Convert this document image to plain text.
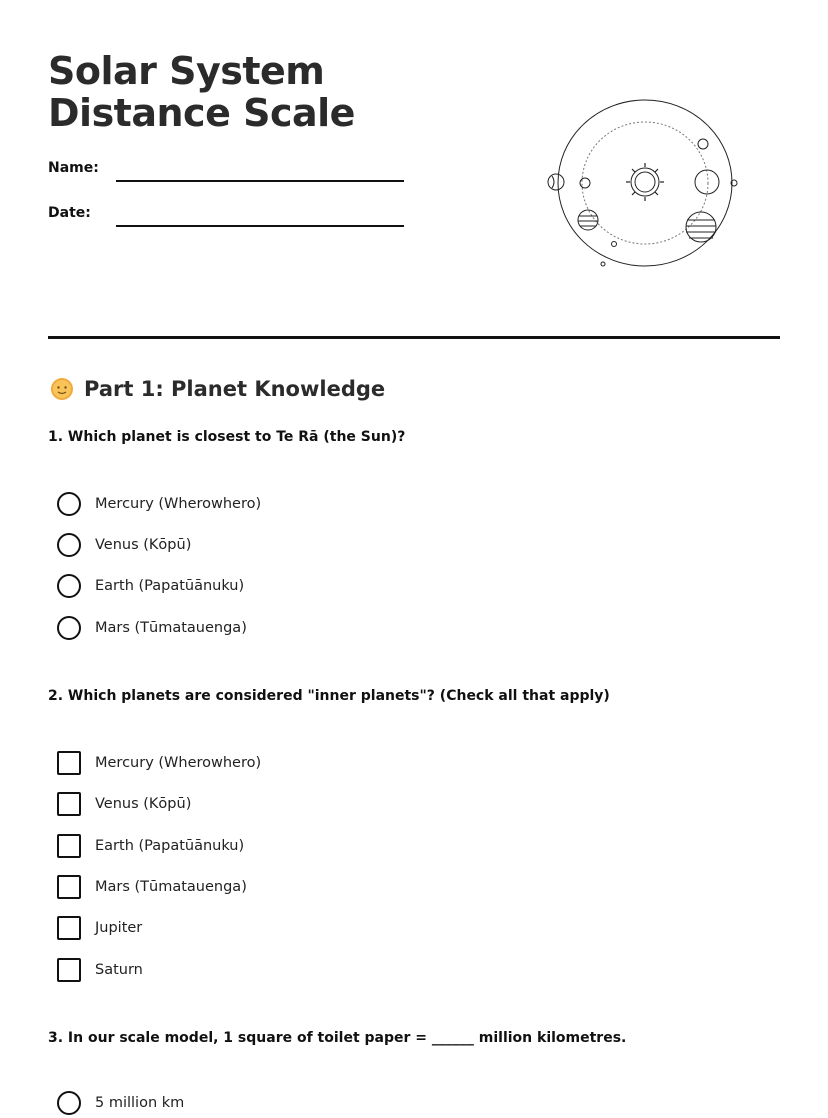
Solar System Distance Scale
Name:
Date:
Part 1: Planet Knowledge
1. Which planet is closest to Te Rā (the Sun)?
Mercury (Wherowhero)
Venus (Kōpū)
Earth (Papatūānuku)
Mars (Tūmatauenga)
2. Which planets are considered "inner planets"? (Check all that apply)
Mercury (Wherowhero)
Venus (Kōpū)
Earth (Papatūānuku)
Mars (Tūmatauenga)
Jupiter
Saturn
3. In our scale model, 1 square of toilet paper = ______ million kilometres.
5 million km
